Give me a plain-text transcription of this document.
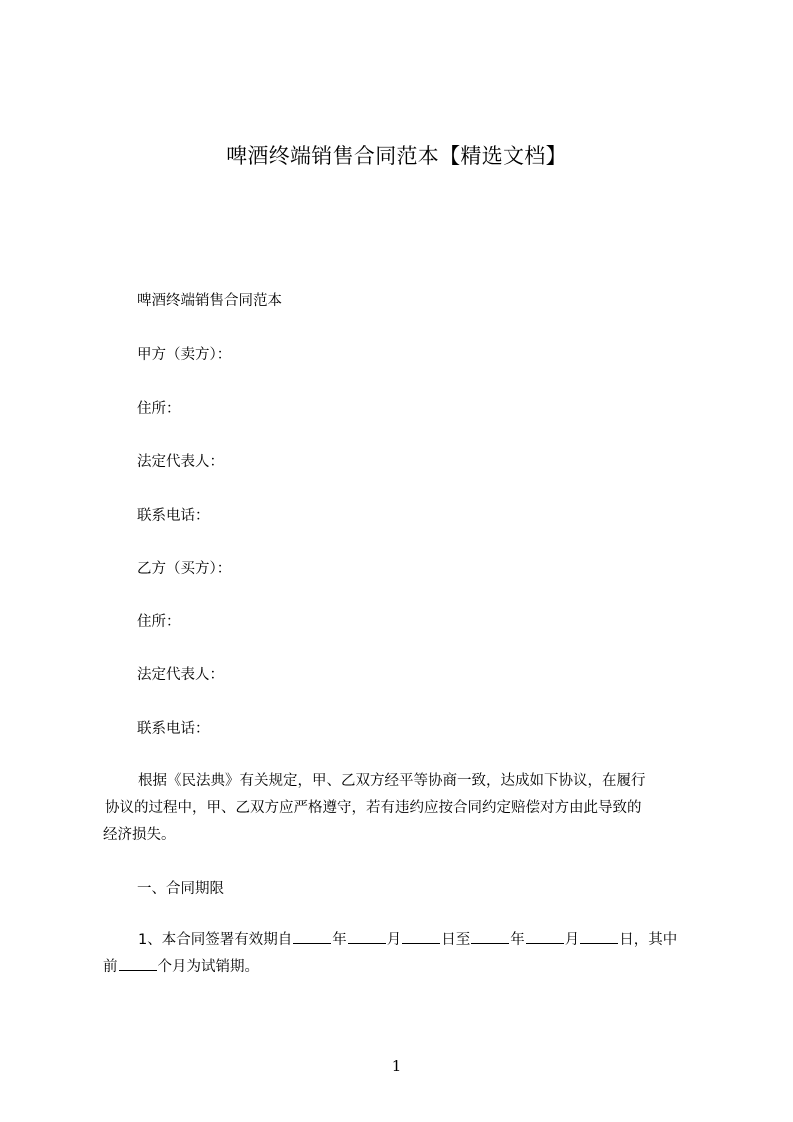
啤酒终端销售合同范本【精选文档】

啤酒终端销售合同范本

甲方（卖方）：

住所：

法定代表人：

联系电话：

乙方（买方）：

住所：

法定代表人：

联系电话：

根据《民法典》有关规定，甲、乙双方经平等协商一致，达成如下协议，在履行
协议的过程中，甲、乙双方应严格遵守，若有违约应按合同约定赔偿对方由此导致的
经济损失。

一、合同期限

1、本合同签署有效期自	年	月	日至	年	月	日，其中
前	个月为试销期。

1
